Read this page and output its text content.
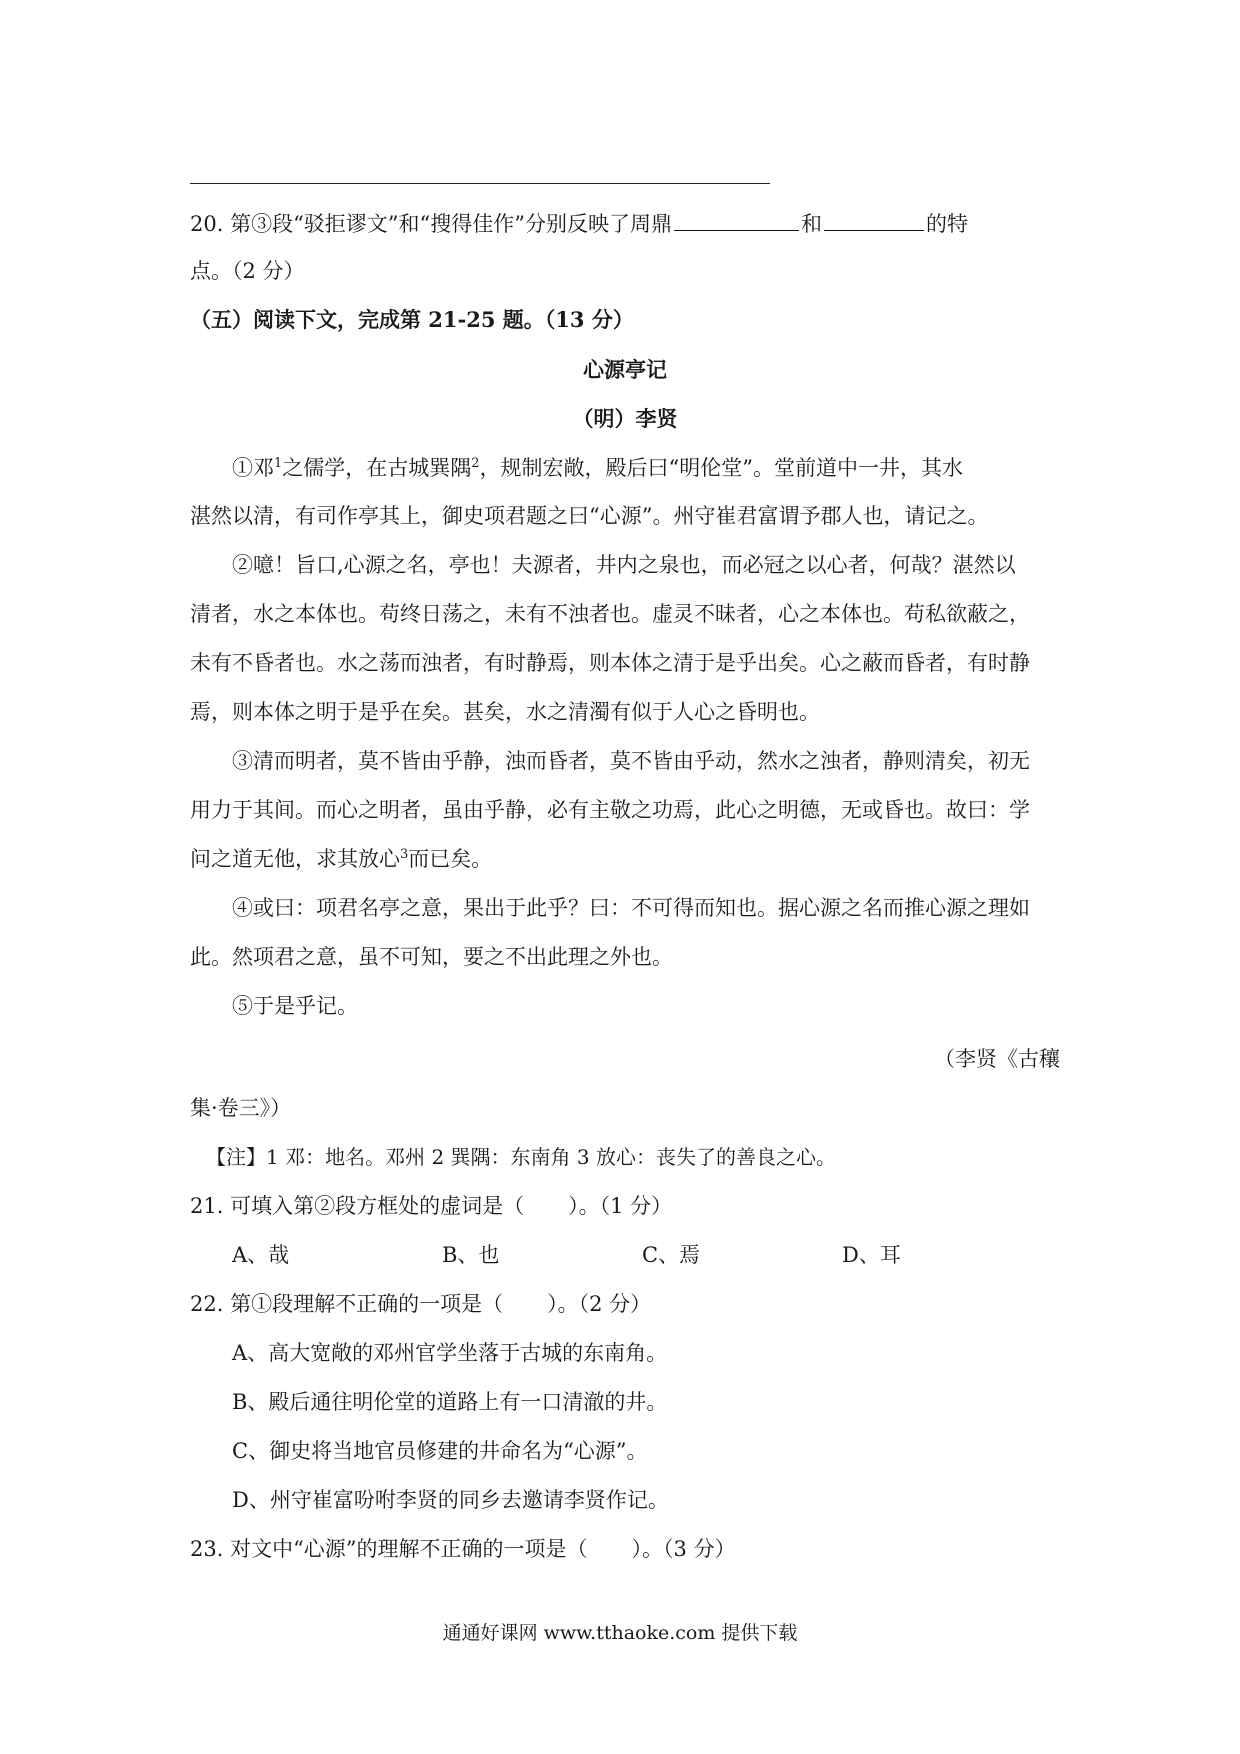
20. 第③段“驳拒谬文”和“搜得佳作”分别反映了周鼎	和	的特
点。（2 分）
（五）阅读下文，完成第 21-25 题。（13 分）
心源亭记
（明）李贤
①邓$^1$之儒学，在古城巽隅$^2$，规制宏敞，殿后曰“明伦堂”。堂前道中一井，其水
湛然以清，有司作亭其上，御史项君题之曰“心源”。州守崔君富谓予郡人也，请记之。
②噫！旨口,心源之名，亭也！夫源者，井内之泉也，而必冠之以心者，何哉？湛然以
清者，水之本体也。苟终日荡之，未有不浊者也。虚灵不昧者，心之本体也。苟私欲蔽之，
未有不昏者也。水之荡而浊者，有时静焉，则本体之清于是乎出矣。心之蔽而昏者，有时静
焉，则本体之明于是乎在矣。甚矣，水之清濁有似于人心之昏明也。
③清而明者，莫不皆由乎静，浊而昏者，莫不皆由乎动，然水之浊者，静则清矣，初无
用力于其间。而心之明者，虽由乎静，必有主敬之功焉，此心之明德，无或昏也。故曰：学
问之道无他，求其放心$^3$而已矣。
④或曰：项君名亭之意，果出于此乎？曰：不可得而知也。据心源之名而推心源之理如
此。然项君之意，虽不可知，要之不出此理之外也。
⑤于是乎记。
（李贤《古穰
集·卷三》）
【注】1 邓：地名。邓州 2 巽隅：东南角 3 放心：丧失了的善良之心。
21. 可填入第②段方框处的虚词是（ ）。（1 分）
A、哉	B、也	C、焉	D、耳
22. 第①段理解不正确的一项是（ ）。（2 分）
A、高大宽敞的邓州官学坐落于古城的东南角。
B、殿后通往明伦堂的道路上有一口清澈的井。
C、御史将当地官员修建的井命名为“心源”。
D、州守崔富吩咐李贤的同乡去邀请李贤作记。
23. 对文中“心源”的理解不正确的一项是（ ）。（3 分）
通通好课网 www.tthaoke.com 提供下载
